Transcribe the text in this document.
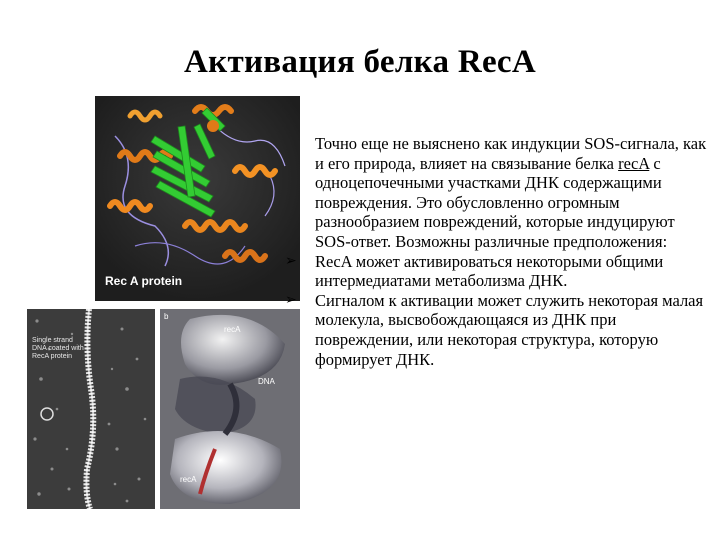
Активация белка RecA
Rec A protein
Single strand DNA coated with RecA protein
b
recA
DNA
recA

Точно еще не выяснено как индукции SOS-сигнала, как и его природа, влияет на связывание белка recA с одноцепочечными участками ДНК содержащими повреждения. Это обусловленно огромным разнообразием повреждений, которые индуцируют SOS-ответ. Возможны различные предположения:

➢	RecA может активироваться некоторыми общими интермедиатами метаболизма ДНК.

➢	Сигналом к активации может служить некоторая малая молекула, высвобождающаяся из ДНК при повреждении, или некоторая структура, которую формирует ДНК.
